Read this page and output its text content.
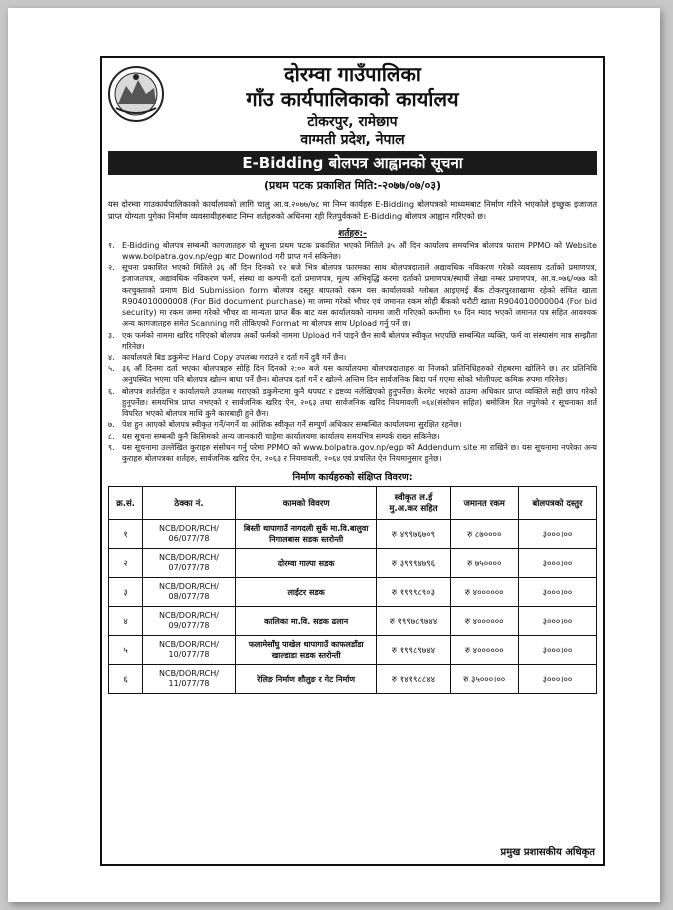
दोरम्वा गाउँपालिका
गाँउ कार्यपालिकाको कार्यालय
टोकरपुर, रामेछाप
वाग्मती प्रदेश, नेपाल
E-Bidding बोलपत्र आह्वानको सूचना
(प्रथम पटक प्रकाशित मिति:-२०७७/०७/०३)
यस दोरम्वा गाउकार्यपालिकाको कार्यालयको लागि चालु आ.व.२०७७/७८ मा निम्न कार्यहरु E-Bidding बोलपत्रको माध्यमबाट निर्माण गरिने भएकोले इच्छुक इजाजत प्राप्त योग्यता पुगेका निर्माण व्यवसायीहरुबाट निम्न शर्तहरुको अधिनमा रही रितपुर्वकको E-Bidding बोलपत्र आह्वान गरिएको छ।
शर्तहरु:-
१. E-Bidding बोलपत्र सम्बन्धी कागजातहरु यो सूचना प्रथम पटक प्रकाशित भएको मितिले ३५ औं दिन कार्यालय समयभित्र बोलपत्र फाराम PPMO को Website www.bolpatra.gov.np/egp बाट Downlod गरी प्राप्त गर्न सकिनेछ।
२. सूचना प्रकाशित भएको मितिले ३६ औं दिन दिनको १२ बजे भित्र बोलपत्र फारमका साथ बोलपत्रदाताले अद्यावधिक नविकरण गरेको व्यवसाय दर्ताको प्रमाणपत्र, इजाजतपत्र, अद्यावधिक नविकरण फर्म, संस्था वा कम्पनी दर्ता प्रमाणपत्र, मूल्य अभिवृद्धि करमा दर्ताको प्रमाणपत्र/स्थायी लेखा नम्बर प्रमाणपत्र, आ.व.०७६/०७७ को करचुक्ताको प्रमाण Bid Submission form बोलपत्र दस्तुर बापतको रकम यस कार्यालयको ग्लोबल आइएमई बैंक टोकरपुरशाखामा रहेको संचित खाता R904010000008 (For Bid document purchase) मा जम्मा गरेको भौचर एवं जमानत रकम सोही बैंकको धरौटी खाता R904010000004 (For bid security) मा रकम जम्मा गरेको भौचर वा मान्यता प्राप्त बैंक बाट यस कार्यालयको नाममा जारी गरिएको कम्तीमा ९० दिन म्याद भएको जमानत पत्र सहित आवश्यक अन्य कागजातहरु समेत Scanning गरी तोकिएको Format मा बोलपत्र साथ Upload गर्नु पर्ने छ।
३. एक फर्मको नाममा खरिद गरिएको बोलपत्र अर्को फर्मको नाममा Upload गर्न पाइने छैन साथै बोलपत्र स्वीकृत भएपछि सम्बन्धित व्यक्ति, फर्म वा संस्थासंग मात्र सम्झौता गरिनेछ।
४. कार्यालयले बिड डकुमेन्ट Hard Copy उपलब्ध गराउने र दर्ता गर्ने दुवै गर्ने छैन।
५. ३६ औं दिनमा दर्ता भएका बोलपत्रहरु सोहि दिन दिनको २:०० बजे यस कार्यालयमा बोलपत्रदाताहरु वा निजको प्रतिनिधिहरुको रोहबरमा खोलिने छ। तर प्रतिनिधि अनुपस्थित भएमा पनि बोलपत्र खोल्न बाधा पर्ने छैन। बोलपत्र दर्ता गर्ने र खोल्ने अन्तिम दिन सार्वजनिक बिदा पर्न गएमा सोको भोलीपल्ट कमिक रुपमा गरिनेछ।
६. बोलपत्र शर्तरहित र कार्यालयले उपलब्ध गराएको डकुमेन्टमा कुनै थपघट र द्रष्टव्य नलेखिएको हुनुपर्नेछ। केरमेट भएको ठाउमा अधिकार प्राप्त व्यक्तिले सही छाप गरेको हुनुपर्नेछ। समयभित्र प्राप्त नभएको र सार्वजनिक खरिद ऐन, २०६३ तथा सार्वजनिक खरिद नियमावली ०६४(संसोधन सहित) बमोजिम रित नपुगेको र सूचनाका शर्त विपरित भएको बोलपत्र माथि कुनै कारबाही हुने छैन।
७. पेश हुन आएको बोलपत्र स्वीकृत गर्ने/नगर्ने वा आंशिक स्वीकृत गर्ने सम्पुर्ण अधिकार सम्बन्धित कार्यालयमा सुरक्षित रहनेछ।
८. यस सूचना सम्बन्धी कुनै किसिमको अन्य जानकारी चाहेमा कार्यालयमा कार्यालय समयभित्र सम्पर्क राख्न सकिनेछ।
९. यस सूचनामा उल्लेखित कुराहरु संसोधन गर्नु परेमा PPMO को www.bolpatra.gov.np/egp को Addendum site मा राखिने छ। यस सूचनामा नपरेका अन्य कुराहरु बोलपत्रका शर्तहरु, सार्वजनिक खरिद ऐन, २०६३ र नियमावली, २०६४ एवं प्रचलित ऐन नियमानुसार हुनेछ।
निर्माण कार्यहरुको संक्षिप्त विवरण:
क्र.सं.	ठेक्का नं.	कामको विवरण	स्वीकृत ल.ई मु.अ.कर सहित	जमानत रकम	बोलपत्रको दस्तुर
१	NCB/DOR/RCH/ 06/077/78	बिस्ती थापागाउँ नागदली सुर्के मा.वि.बालुवा निगालबास सडक स्तरोन्ती	रु ४९९७६७०९	रु ८७००००	३०००।००
२	NCB/DOR/RCH/ 07/077/78	दोरम्वा गाल्पा सडक	रु ३९९९४७९६	रु ७५००००	३०००।००
३	NCB/DOR/RCH/ 08/077/78	लाईटर सडक	रु १९९९८९०३	रु ४००००००	३०००।००
४	NCB/DOR/RCH/ 09/077/78	कालिका मा.वि. सडक ढलान	रु १९९७८९७४४	रु ४००००००	३०००।००
५	NCB/DOR/RCH/ 10/077/78	फलामेसाँघु पाखेल थापागाउँ काफलडाँडा खाल्डाडा सडक स्तरोन्ती	रु १९९८९७४४	रु ४००००००	३०००।००
६	NCB/DOR/RCH/ 11/077/78	रेलिङ निर्माण शौलुङ र गेट निर्माण	रु १४१९८८४४	रु ३५०००।००	३०००।००
प्रमुख प्रशासकीय अधिकृत
